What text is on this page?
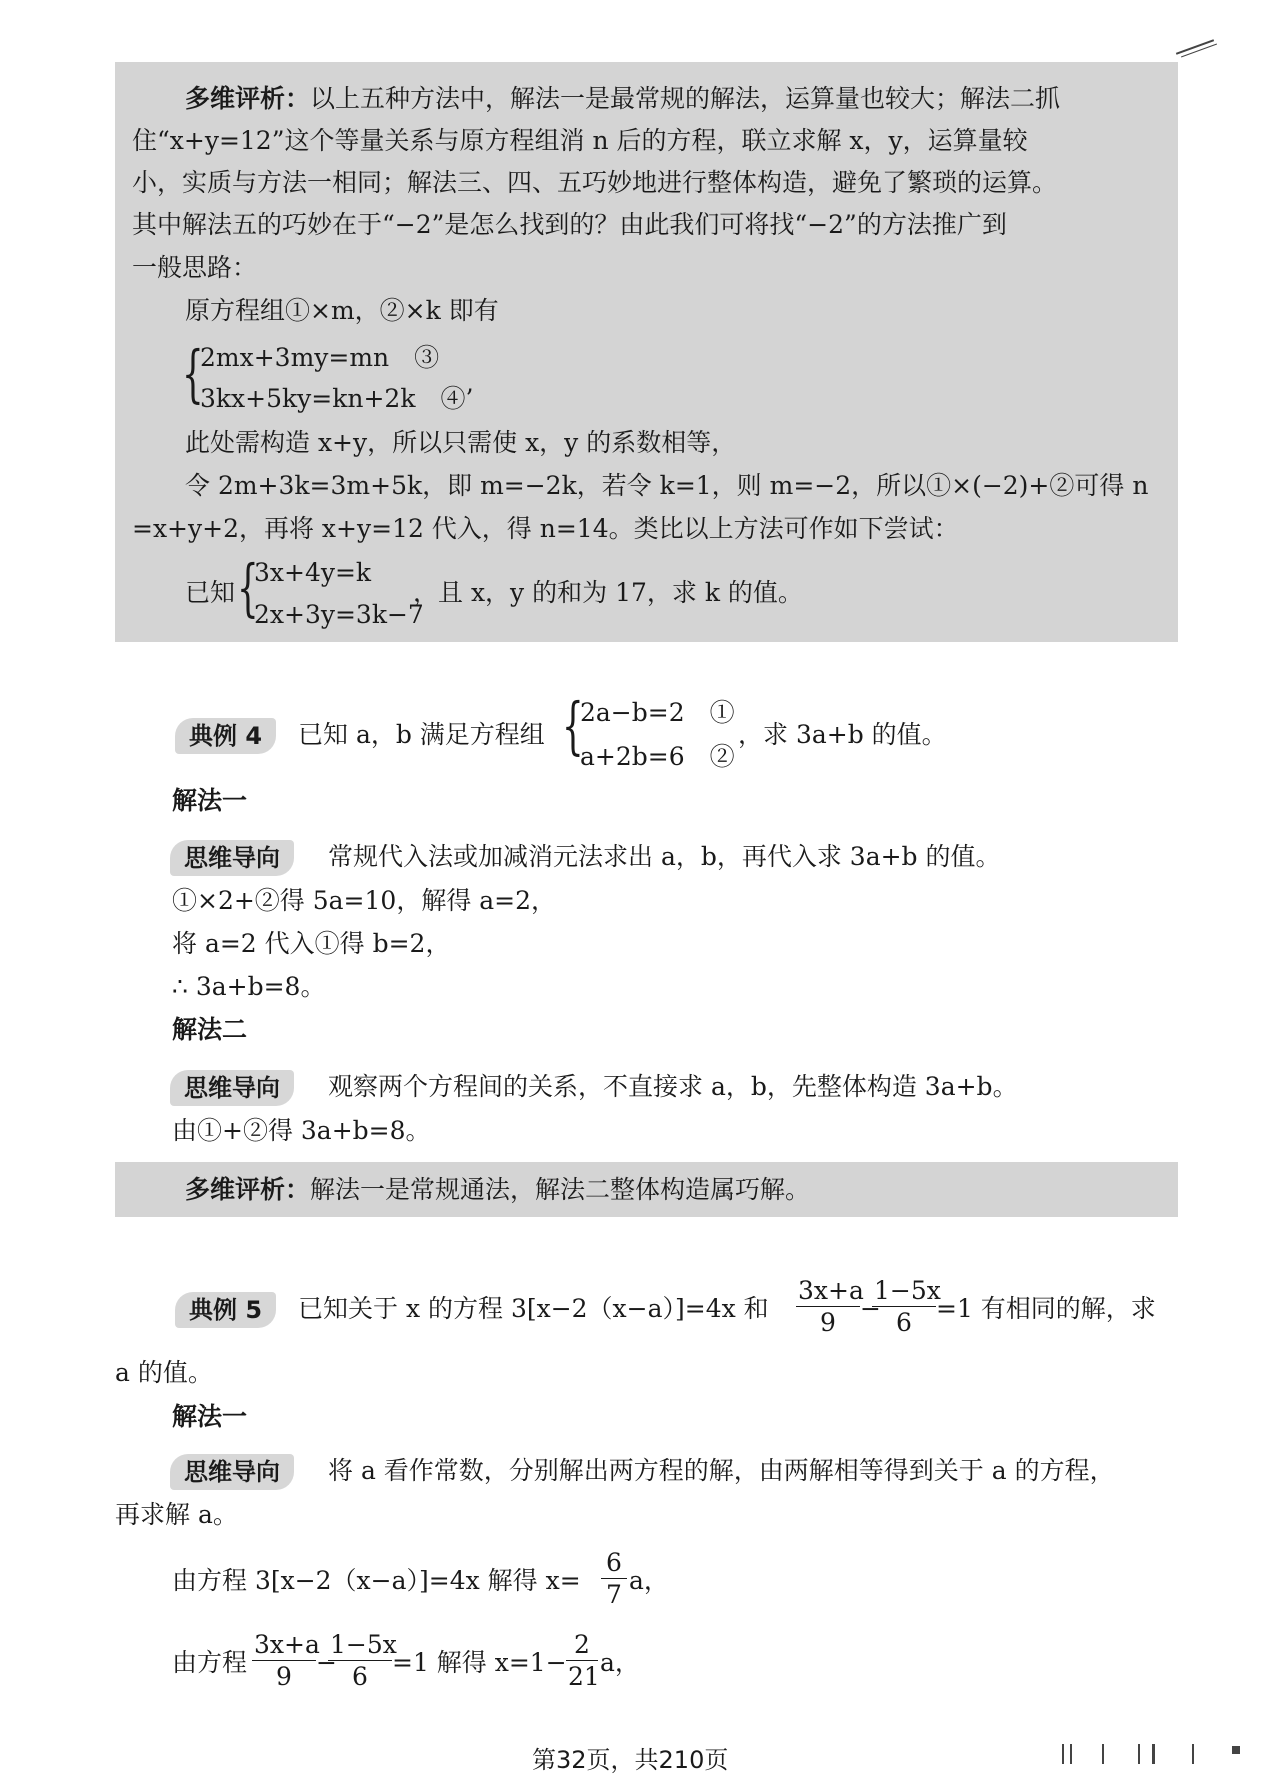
多维评析：以上五种方法中，解法一是最常规的解法，运算量也较大；解法二抓
住“x+y=12”这个等量关系与原方程组消 n 后的方程，联立求解 x，y，运算量较
小，实质与方法一相同；解法三、四、五巧妙地进行整体构造，避免了繁琐的运算。
其中解法五的巧妙在于“−2”是怎么找到的？由此我们可将找“−2”的方法推广到
一般思路：
原方程组①×m，②×k 即有
{
2mx+3my=mn　③
3kx+5ky=kn+2k　④’
此处需构造 x+y，所以只需使 x，y 的系数相等，
令 2m+3k=3m+5k，即 m=−2k，若令 k=1，则 m=−2，所以①×(−2)+②可得 n
=x+y+2，再将 x+y=12 代入，得 n=14。类比以上方法可作如下尝试：
已知 {
3x+4y=k
2x+3y=3k−7
，且 x，y 的和为 17，求 k 的值。
典例 4	已知 a，b 满足方程组 {
2a−b=2　①
a+2b=6　②
，求 3a+b 的值。
解法一
思维导向	常规代入法或加减消元法求出 a，b，再代入求 3a+b 的值。
①×2+②得 5a=10，解得 a=2，
将 a=2 代入①得 b=2，
∴ 3a+b=8。
解法二
思维导向	观察两个方程间的关系，不直接求 a，b，先整体构造 3a+b。
由①+②得 3a+b=8。
多维评析：解法一是常规通法，解法二整体构造属巧解。
典例 5	已知关于 x 的方程 3[x−2（x−a）]=4x 和 $\frac{3x+a}{9}$ −
$\frac{1-5x}{6} =1$ 有相同的解，求
a 的值。
解法一
思维导向	将 a 看作常数，分别解出两方程的解，由两解相等得到关于 a 的方程，
再求解 a。
由方程 3[x−2（x−a）]=4x 解得 $x= \frac{6}{7}$ a，
由方程 $\frac{3x+a}{9}$ −
$\frac{1-5x}{6} =1$ 解得 $x=1- \frac{2}{21}$ a，
第32页，共210页
